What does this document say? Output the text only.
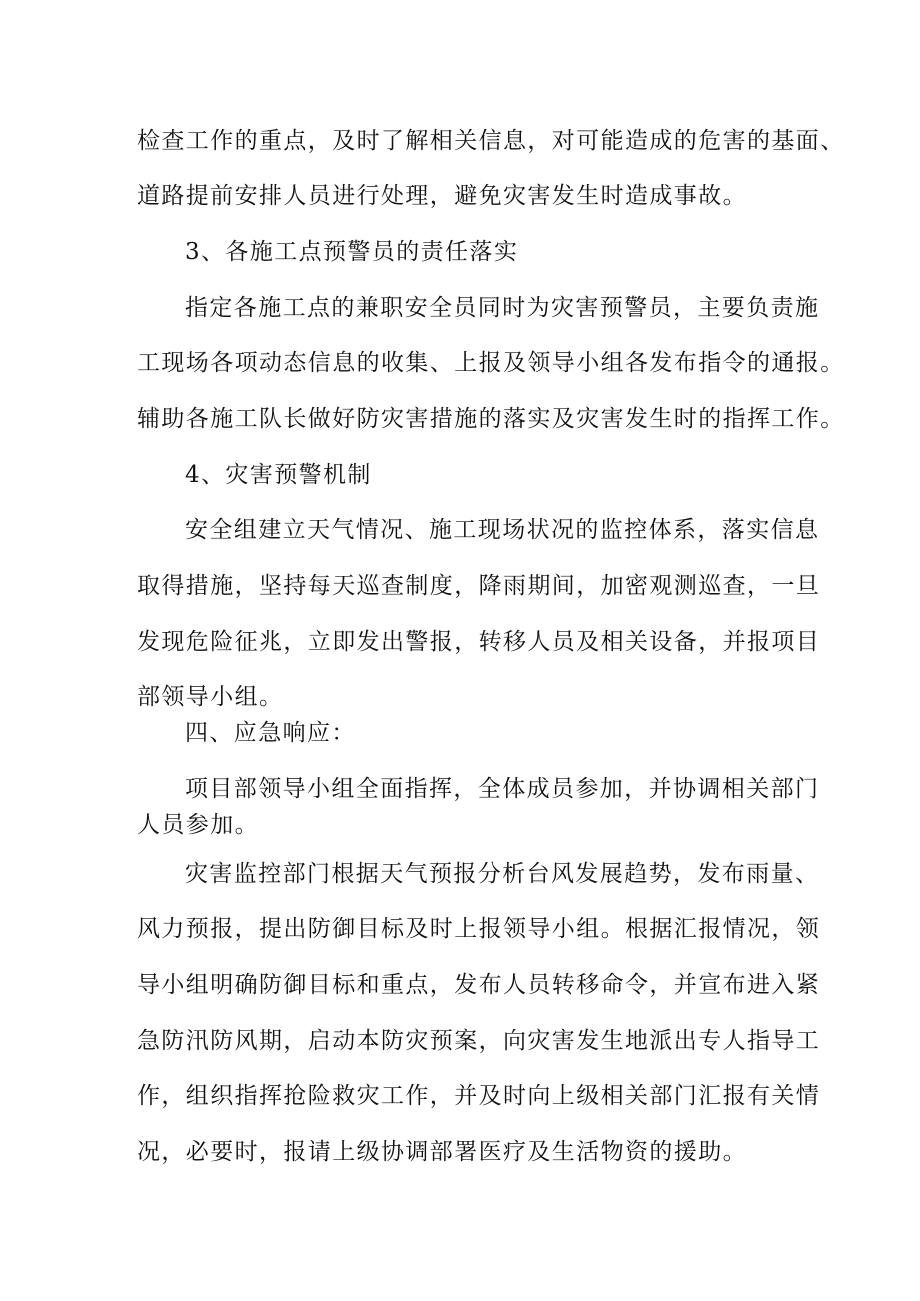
检查工作的重点，及时了解相关信息，对可能造成的危害的基面、
道路提前安排人员进行处理，避免灾害发生时造成事故。
3、各施工点预警员的责任落实
指定各施工点的兼职安全员同时为灾害预警员，主要负责施
工现场各项动态信息的收集、上报及领导小组各发布指令的通报。
辅助各施工队长做好防灾害措施的落实及灾害发生时的指挥工作。
4、灾害预警机制
安全组建立天气情况、施工现场状况的监控体系，落实信息
取得措施，坚持每天巡查制度，降雨期间，加密观测巡查，一旦
发现危险征兆，立即发出警报，转移人员及相关设备，并报项目
部领导小组。
四、应急响应：
项目部领导小组全面指挥，全体成员参加，并协调相关部门
人员参加。
灾害监控部门根据天气预报分析台风发展趋势，发布雨量、
风力预报，提出防御目标及时上报领导小组。根据汇报情况，领
导小组明确防御目标和重点，发布人员转移命令，并宣布进入紧
急防汛防风期，启动本防灾预案，向灾害发生地派出专人指导工
作，组织指挥抢险救灾工作，并及时向上级相关部门汇报有关情
况，必要时，报请上级协调部署医疗及生活物资的援助。
